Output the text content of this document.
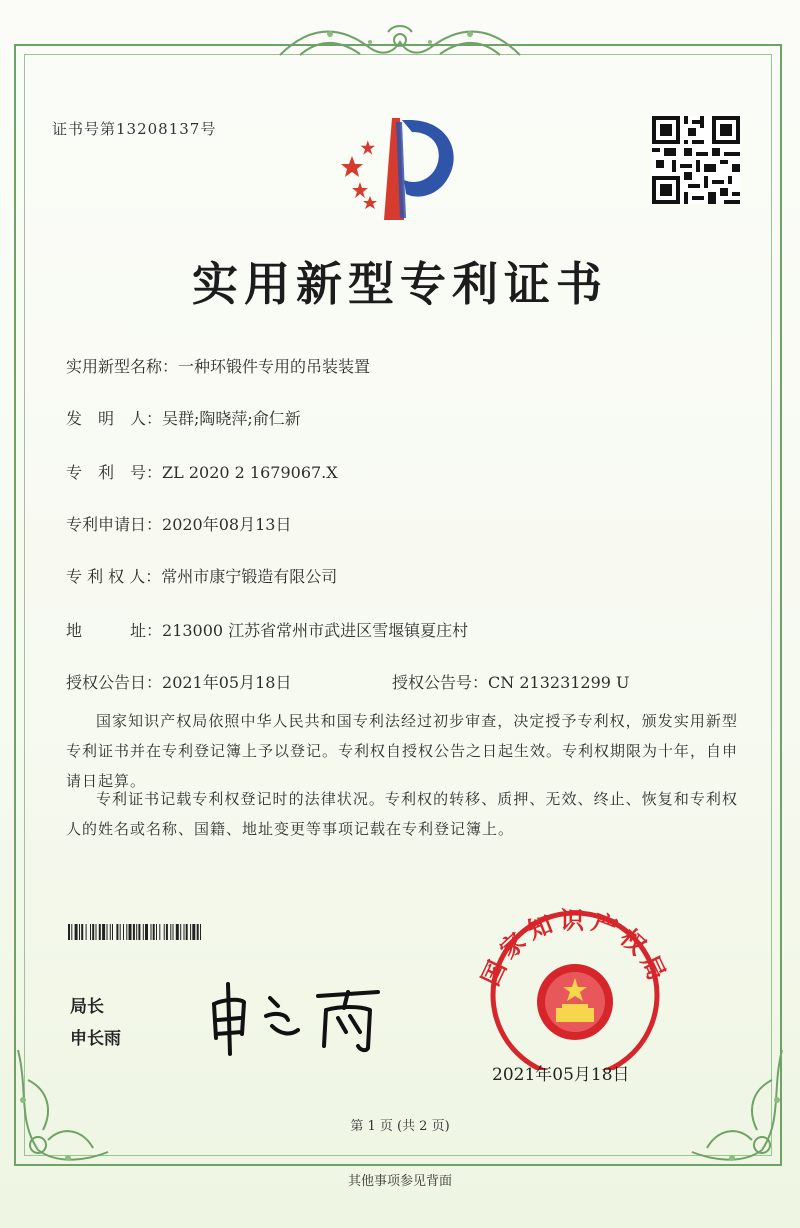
证书号第13208137号
实用新型专利证书
实用新型名称：一种环锻件专用的吊装装置
发　明　人：吴群;陶晓萍;俞仁新
专　利　号：ZL 2020 2 1679067.X
专利申请日：2020年08月13日
专 利 权 人：常州市康宁锻造有限公司
地　　　址：213000 江苏省常州市武进区雪堰镇夏庄村
授权公告日：2021年05月18日	授权公告号：CN 213231299 U
国家知识产权局依照中华人民共和国专利法经过初步审查，决定授予专利权，颁发实用新型专利证书并在专利登记簿上予以登记。专利权自授权公告之日起生效。专利权期限为十年，自申请日起算。
专利证书记载专利权登记时的法律状况。专利权的转移、质押、无效、终止、恢复和专利权人的姓名或名称、国籍、地址变更等事项记载在专利登记簿上。
局长
申长雨
国家知识产权局
2021年05月18日
第 1 页 (共 2 页)
其他事项参见背面
